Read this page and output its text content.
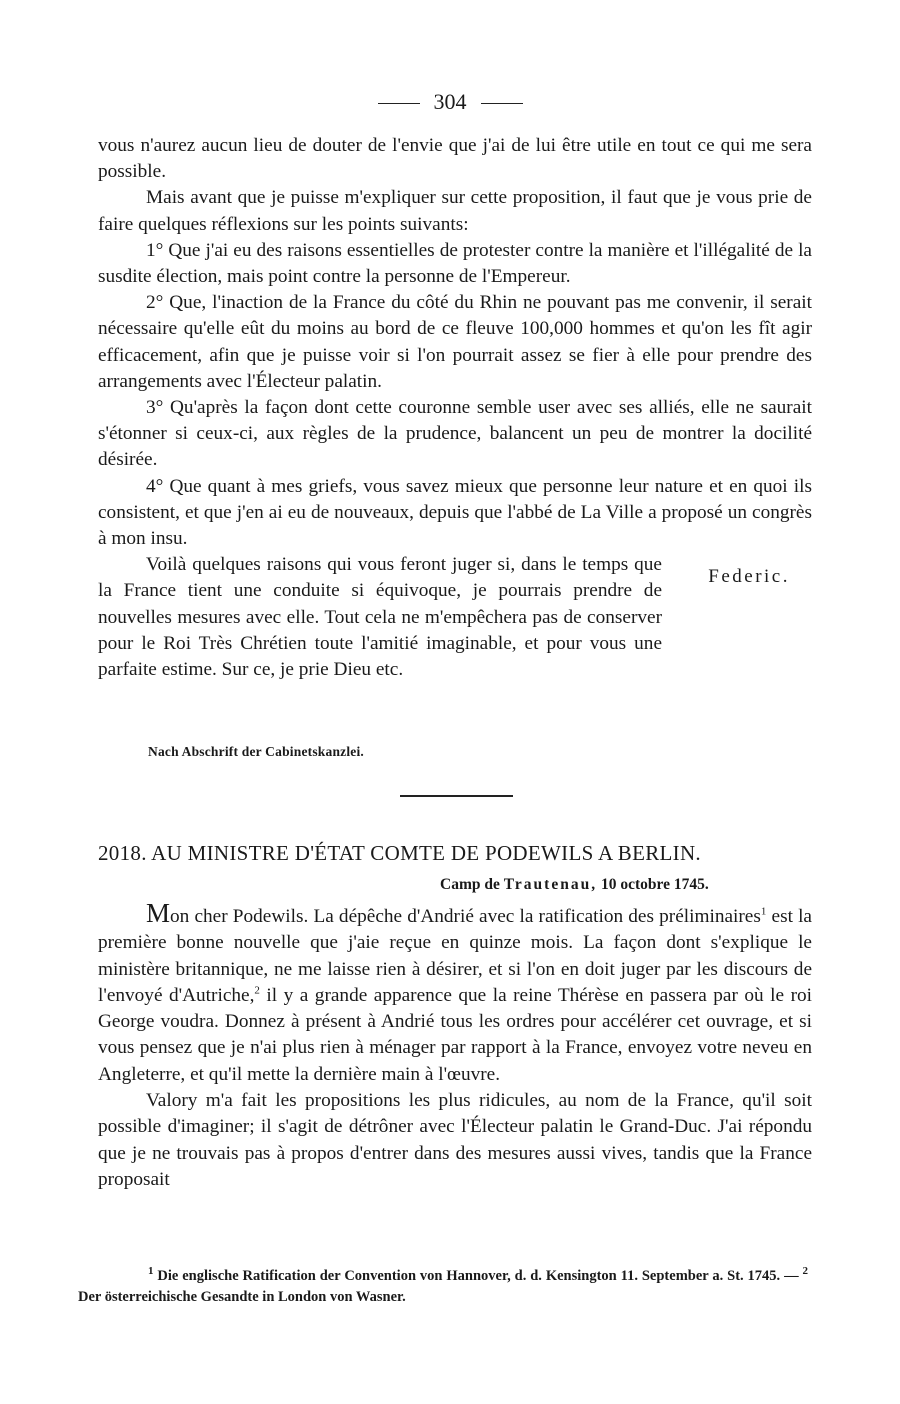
304

vous n'aurez aucun lieu de douter de l'envie que j'ai de lui être utile en tout ce qui me sera possible.

Mais avant que je puisse m'expliquer sur cette proposition, il faut que je vous prie de faire quelques réflexions sur les points suivants:

1° Que j'ai eu des raisons essentielles de protester contre la manière et l'illégalité de la susdite élection, mais point contre la personne de l'Empereur.

2° Que, l'inaction de la France du côté du Rhin ne pouvant pas me convenir, il serait nécessaire qu'elle eût du moins au bord de ce fleuve 100,000 hommes et qu'on les fît agir efficacement, afin que je puisse voir si l'on pourrait assez se fier à elle pour prendre des arrangements avec l'Électeur palatin.

3° Qu'après la façon dont cette couronne semble user avec ses alliés, elle ne saurait s'étonner si ceux-ci, aux règles de la prudence, balancent un peu de montrer la docilité désirée.

4° Que quant à mes griefs, vous savez mieux que personne leur nature et en quoi ils consistent, et que j'en ai eu de nouveaux, depuis que l'abbé de La Ville a proposé un congrès à mon insu.

Voilà quelques raisons qui vous feront juger si, dans le temps que la France tient une conduite si équivoque, je pourrais prendre de nouvelles mesures avec elle. Tout cela ne m'empêchera pas de conserver pour le Roi Très Chrétien toute l'amitié imaginable, et pour vous une parfaite estime. Sur ce, je prie Dieu etc.

Federic.
Nach Abschrift der Cabinetskanzlei.
2018. AU MINISTRE D'ÉTAT COMTE DE PODEWILS A BERLIN.
Camp de Trautenau, 10 octobre 1745.

Mon cher Podewils. La dépêche d'Andrié avec la ratification des préliminaires$^1$ est la première bonne nouvelle que j'aie reçue en quinze mois. La façon dont s'explique le ministère britannique, ne me laisse rien à désirer, et si l'on en doit juger par les discours de l'envoyé d'Autriche,$^2$ il y a grande apparence que la reine Thérèse en passera par où le roi George voudra. Donnez à présent à Andrié tous les ordres pour accélérer cet ouvrage, et si vous pensez que je n'ai plus rien à ménager par rapport à la France, envoyez votre neveu en Angleterre, et qu'il mette la dernière main à l'œuvre.

Valory m'a fait les propositions les plus ridicules, au nom de la France, qu'il soit possible d'imaginer; il s'agit de détrôner avec l'Électeur palatin le Grand-Duc. J'ai répondu que je ne trouvais pas à propos d'entrer dans des mesures aussi vives, tandis que la France proposait

$^1$ Die englische Ratification der Convention von Hannover, d. d. Kensington 11. September a. St. 1745. — $^2$ Der österreichische Gesandte in London von Wasner.
